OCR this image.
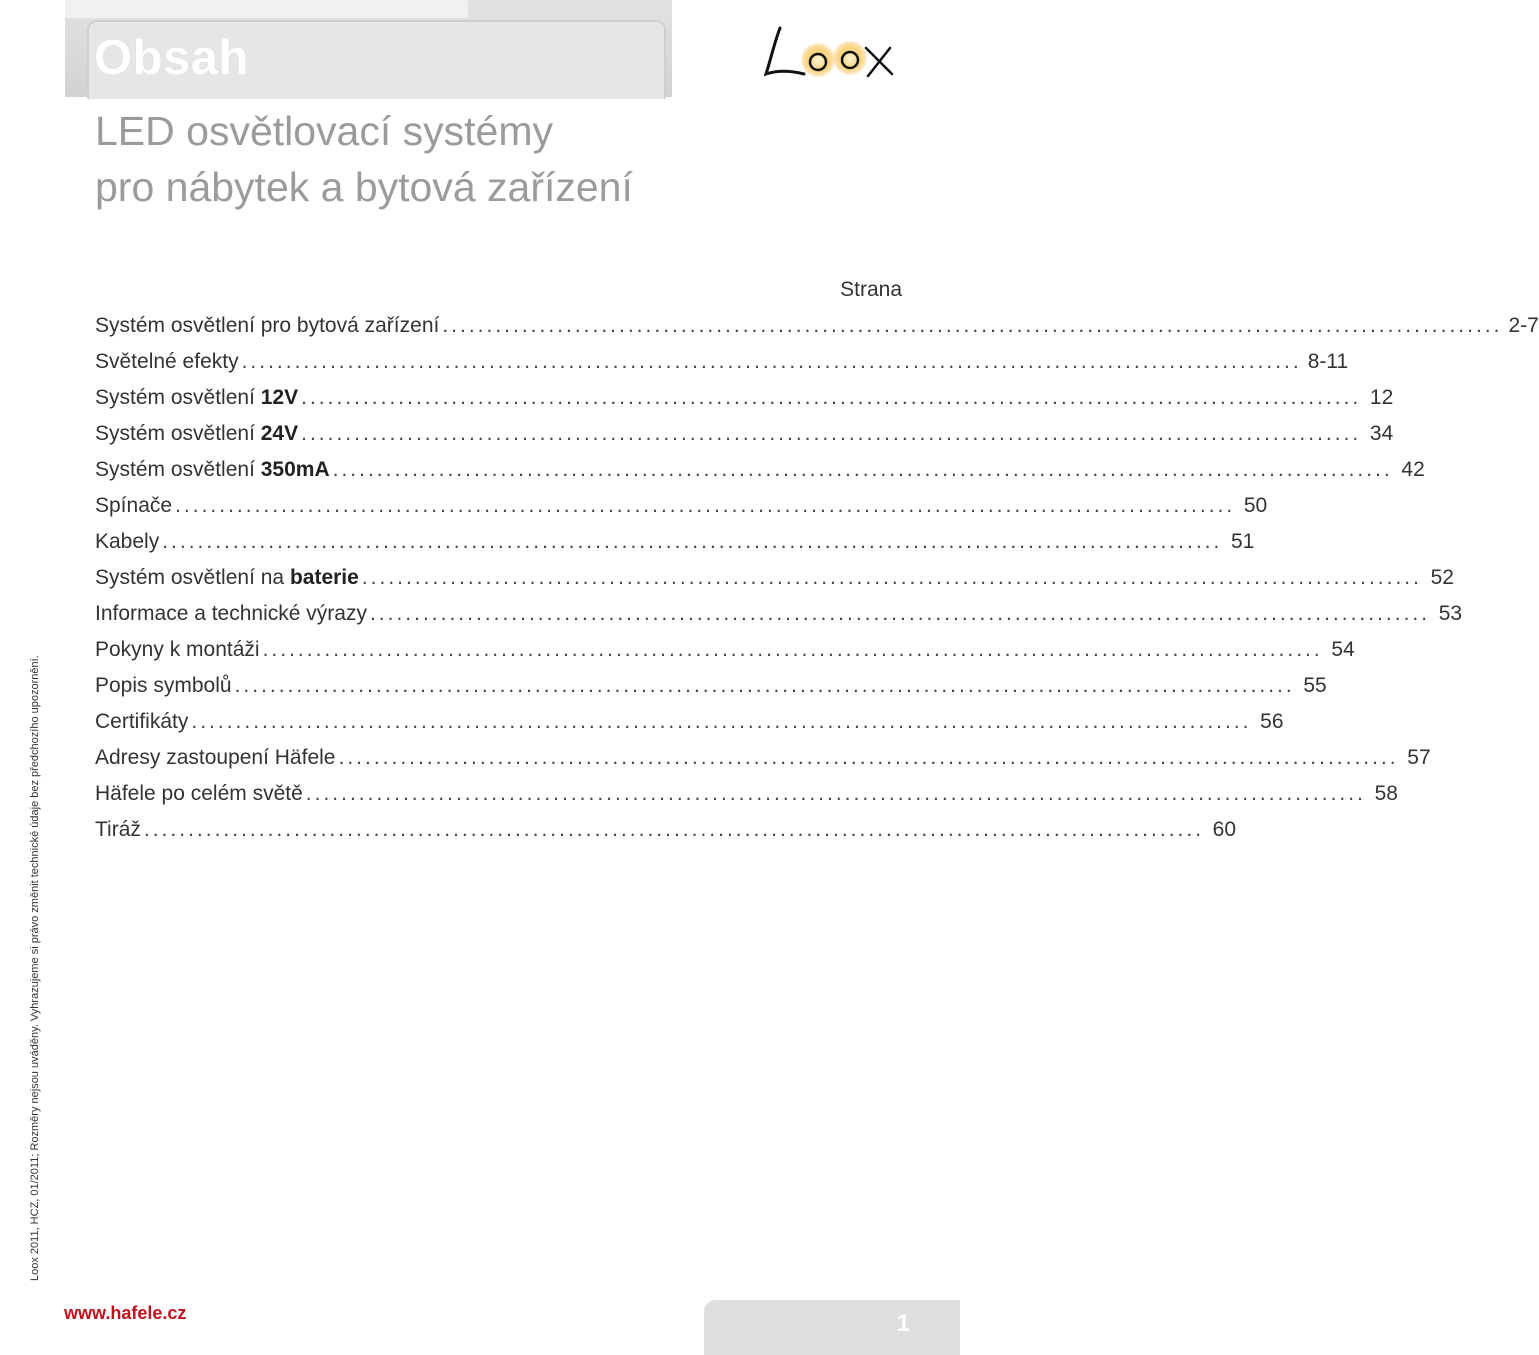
Obsah
LED osvětlovací systémy
pro nábytek a bytová zařízení
Strana
Systém osvětlení pro bytová zařízení ........................................................................................................................ 2-7
Světelné efekty ........................................................................................................................ 8-11
Systém osvětlení 12V ........................................................................................................................ 12
Systém osvětlení 24V ........................................................................................................................ 34
Systém osvětlení 350mA ........................................................................................................................ 42
Spínače ........................................................................................................................ 50
Kabely ........................................................................................................................ 51
Systém osvětlení na baterie ........................................................................................................................ 52
Informace a technické výrazy ........................................................................................................................ 53
Pokyny k montáži ........................................................................................................................ 54
Popis symbolů ........................................................................................................................ 55
Certifikáty ........................................................................................................................ 56
Adresy zastoupení Häfele ........................................................................................................................ 57
Häfele po celém světě ........................................................................................................................ 58
Tiráž ........................................................................................................................ 60
Loox 2011, HCZ, 01/2011; Rozměry nejsou uváděny. Vyhrazujeme si právo změnit technické údaje bez předchozího upozornění.
www.hafele.cz	1
